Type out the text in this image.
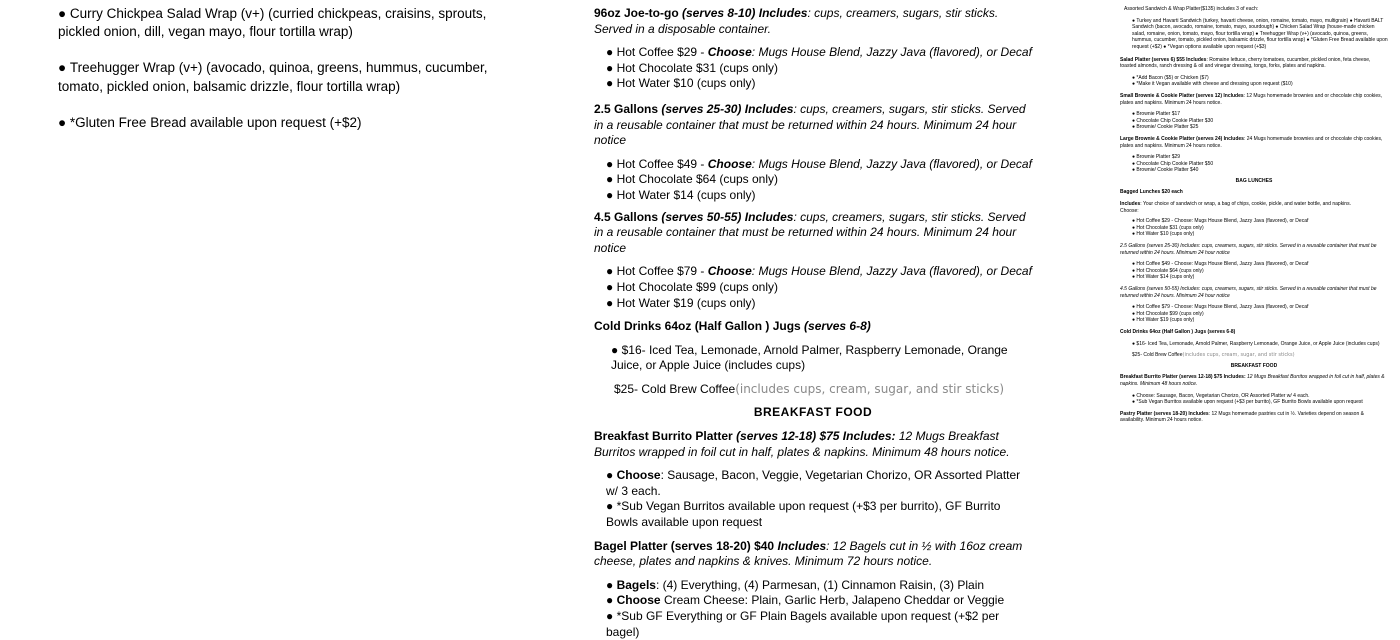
● Curry Chickpea Salad Wrap (v+) (curried chickpeas, craisins, sprouts, pickled onion, dill, vegan mayo, flour tortilla wrap)

● Treehugger Wrap (v+) (avocado, quinoa, greens, hummus, cucumber, tomato, pickled onion, balsamic drizzle, flour tortilla wrap)

● *Gluten Free Bread available upon request (+$2)

96oz Joe-to-go (serves 8-10) Includes: cups, creamers, sugars, stir sticks. Served in a disposable container.

● Hot Coffee $29 - Choose: Mugs House Blend, Jazzy Java (flavored), or Decaf

● Hot Chocolate $31 (cups only)

● Hot Water $10 (cups only)

2.5 Gallons (serves 25-30) Includes: cups, creamers, sugars, stir sticks. Served in a reusable container that must be returned within 24 hours. Minimum 24 hour notice

● Hot Coffee $49 - Choose: Mugs House Blend, Jazzy Java (flavored), or Decaf

● Hot Chocolate $64 (cups only)

● Hot Water $14 (cups only)

4.5 Gallons (serves 50-55) Includes: cups, creamers, sugars, stir sticks. Served in a reusable container that must be returned within 24 hours. Minimum 24 hour notice

● Hot Coffee $79 - Choose: Mugs House Blend, Jazzy Java (flavored), or Decaf

● Hot Chocolate $99 (cups only)

● Hot Water $19 (cups only)

Cold Drinks 64oz (Half Gallon ) Jugs (serves 6-8)

● $16- Iced Tea, Lemonade, Arnold Palmer, Raspberry Lemonade, Orange Juice, or Apple Juice (includes cups)

$25- Cold Brew Coffee(includes cups, cream, sugar, and stir sticks)

BREAKFAST FOOD

Breakfast Burrito Platter (serves 12-18) $75 Includes: 12 Mugs Breakfast Burritos wrapped in foil cut in half, plates & napkins. Minimum 48 hours notice.

● Choose: Sausage, Bacon, Veggie, Vegetarian Chorizo, OR Assorted Platter w/ 3 each.

● *Sub Vegan Burritos available upon request (+$3 per burrito), GF Burrito Bowls available upon request

Bagel Platter (serves 18-20) $40 Includes: 12 Bagels cut in ½ with 16oz cream cheese, plates and napkins & knives. Minimum 72 hours notice.

● Bagels: (4) Everything, (4) Parmesan, (1) Cinnamon Raisin, (3) Plain

● Choose Cream Cheese: Plain, Garlic Herb, Jalapeno Cheddar or Veggie

● *Sub GF Everything or GF Plain Bagels available upon request (+$2 per bagel)

Assorted Sandwich & Wrap Platter($135) includes 3 of each:

● Turkey and Havarti Sandwich (turkey, havarti cheese, onion, romaine, tomato, mayo, multigrain) ● Havarti BALT Sandwich (bacon, avocado, romaine, tomato, mayo, sourdough) ● Chicken Salad Wrap (house-made chicken salad, romaine, onion, tomato, mayo, flour tortilla wrap) ● Treehugger Wrap (v+) (avocado, quinoa, greens, hummus, cucumber, tomato, pickled onion, balsamic drizzle, flour tortilla wrap) ● *Gluten Free Bread available upon request (+$2) ● *Vegan options available upon request (+$3)

Salad Platter (serves 6) $55 Includes: Romaine lettuce, cherry tomatoes, cucumber, pickled onion, feta cheese, toasted almonds, ranch dressing & oil and vinegar dressing, tongs, forks, plates and napkins.

● *Add Bacon ($5) or Chicken ($7)

● *Make it Vegan available with cheese and dressing upon request ($10)

Small Brownie & Cookie Platter (serves 12) Includes: 12 Mugs homemade brownies and or chocolate chip cookies, plates and napkins. Minimum 24 hours notice.

● Brownie Platter $17

● Chocolate Chip Cookie Platter $30

● Brownie/ Cookie Platter $25

Large Brownie & Cookie Platter (serves 24) Includes: 24 Mugs homemade brownies and or chocolate chip cookies, plates and napkins. Minimum 24 hours notice.

● Brownie Platter $29

● Chocolate Chip Cookie Platter $50

● Brownie/ Cookie Platter $40

BAG LUNCHES

Bagged Lunches $20 each

Includes: Your choice of sandwich or wrap, a bag of chips, cookie, pickle, and water bottle, and napkins.

Choose:

● Hot Coffee $29 - Choose: Mugs House Blend, Jazzy Java (flavored), or Decaf

● Hot Chocolate $31 (cups only)

● Hot Water $10 (cups only)

2.5 Gallons (serves 25-30) Includes: cups, creamers, sugars, stir sticks. Served in a reusable container that must be returned within 24 hours. Minimum 24 hour notice

● Hot Coffee $49 - Choose: Mugs House Blend, Jazzy Java (flavored), or Decaf

● Hot Chocolate $64 (cups only)

● Hot Water $14 (cups only)

4.5 Gallons (serves 50-55) Includes: cups, creamers, sugars, stir sticks. Served in a reusable container that must be returned within 24 hours. Minimum 24 hour notice

● Hot Coffee $79 - Choose: Mugs House Blend, Jazzy Java (flavored), or Decaf

● Hot Chocolate $99 (cups only)

● Hot Water $19 (cups only)

Cold Drinks 64oz (Half Gallon ) Jugs (serves 6-8)

● $16- Iced Tea, Lemonade, Arnold Palmer, Raspberry Lemonade, Orange Juice, or Apple Juice (includes cups)

$25- Cold Brew Coffee(includes cups, cream, sugar, and stir sticks)

BREAKFAST FOOD

Breakfast Burrito Platter (serves 12-18) $75 Includes: 12 Mugs Breakfast Burritos wrapped in foil cut in half, plates & napkins. Minimum 48 hours notice.

● Choose: Sausage, Bacon, Vegetarian Chorizo, OR Assorted Platter w/ 4 each.

● *Sub Vegan Burritos available upon request (+$3 per burrito), GF Burrito Bowls available upon request

Pastry Platter (serves 18-20) Includes: 12 Mugs homemade pastries cut in ½. Varieties depend on season & availability. Minimum 24 hours notice.
